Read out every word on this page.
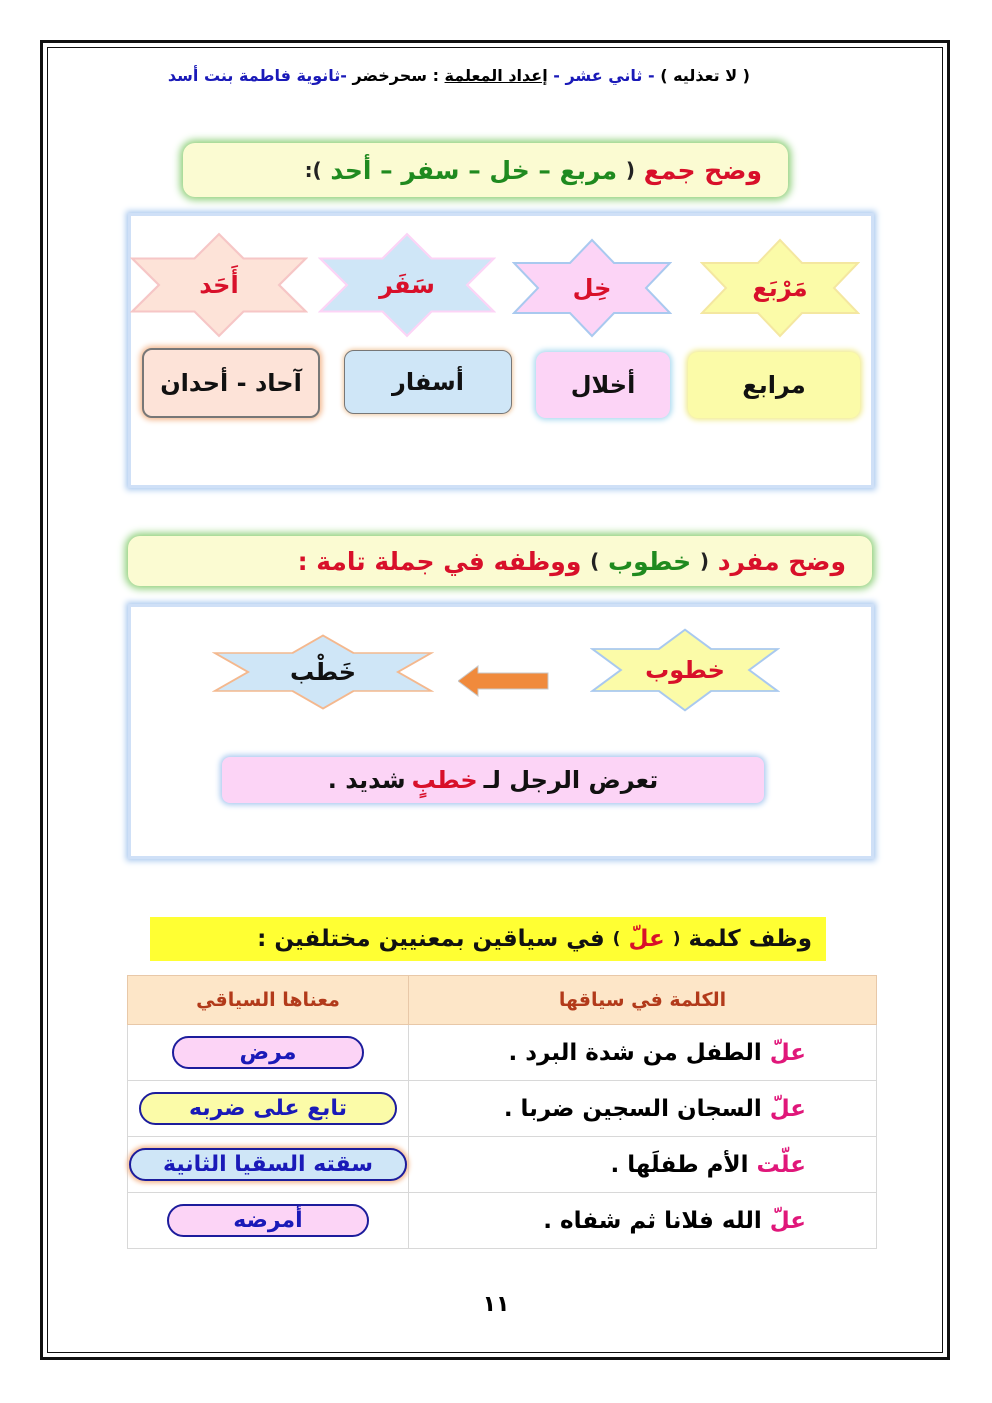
( لا تعذليه ) - ثاني عشر - إعداد المعلمة : سحرخضر -ثانوية فاطمة بنت أسد
وضح جمع

(

مربع – خل – سفر – أحد

):
مَرْبَع
خِل
سَفَر
أَحَد
مرابع
أخلال
أسفار
آحاد - أحدان
وضح مفرد

(

خطوب

)

ووظفه في جملة تامة :
خطوب
خَطْب
تعرض الرجل لـ
خطبٍ
شديد .
وظف كلمة

(

علّ

)

في سياقين بمعنيين مختلفين :
الكلمة في سياقها	معناها السياقي
علّ الطفل من شدة البرد .	مرض
علّ السجان السجين ضربا .	تابع على ضربه
علّت الأم طفلَها .	سقته السقيا الثانية
علّ الله فلانا ثم شفاه .	أمرضه
١١
